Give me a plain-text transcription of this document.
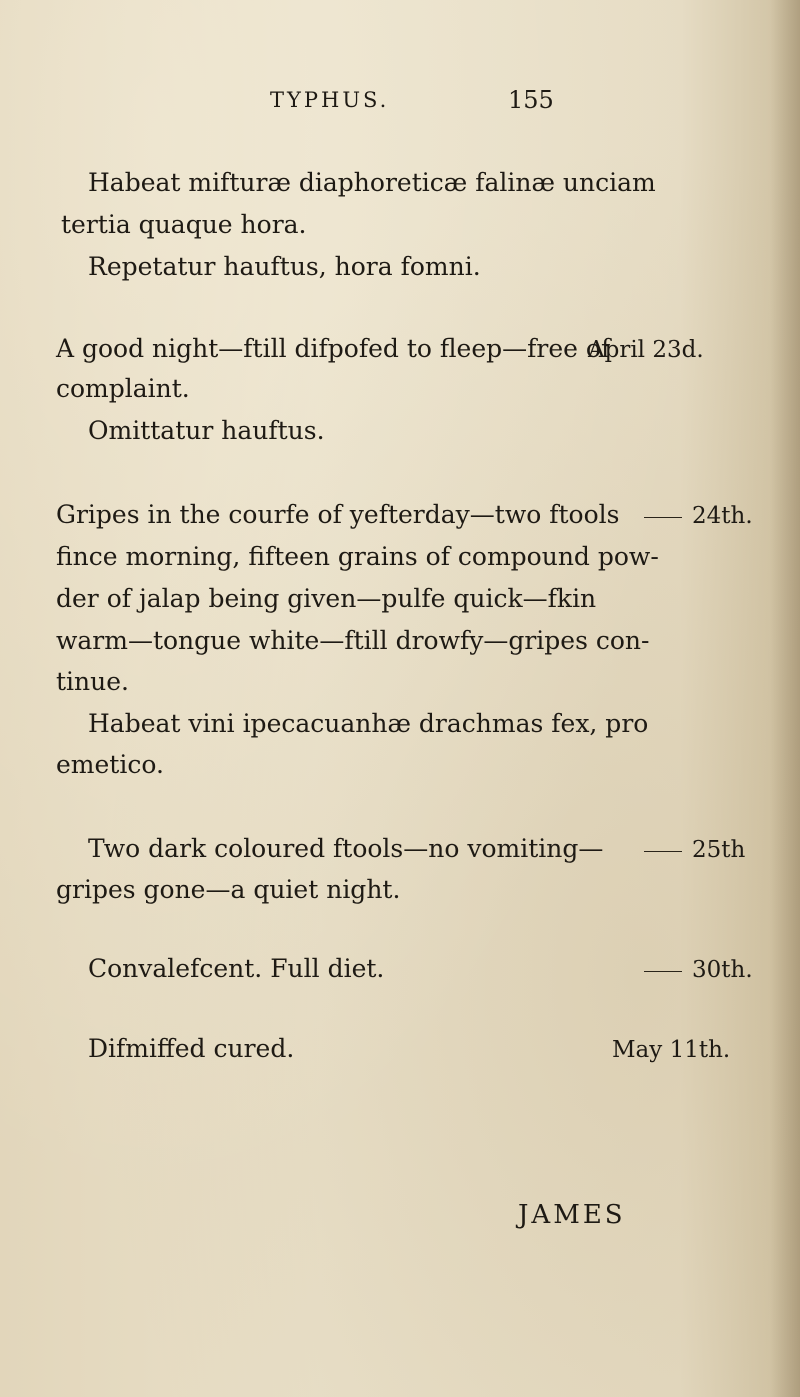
TYPHUS.	155
Habeat mifturæ diaphoreticæ falinæ unciam
tertia quaque hora.
Repetatur hauftus, hora fomni.
A good night—ftill difpofed to fleep—free of
April 23d.
complaint.
Omittatur hauftus.
Gripes in the courfe of yefterday—two ftools	24th.
fince morning, fifteen grains of compound pow-
der of jalap being given—pulfe quick—fkin
warm—tongue white—ftill drowfy—gripes con-
tinue.
Habeat vini ipecacuanhæ drachmas fex, pro
emetico.
Two dark coloured ftools—no vomiting—	25th
gripes gone—a quiet night.
Convalefcent. Full diet.	30th.
Difmiffed cured.	May 11th.
JAMES
